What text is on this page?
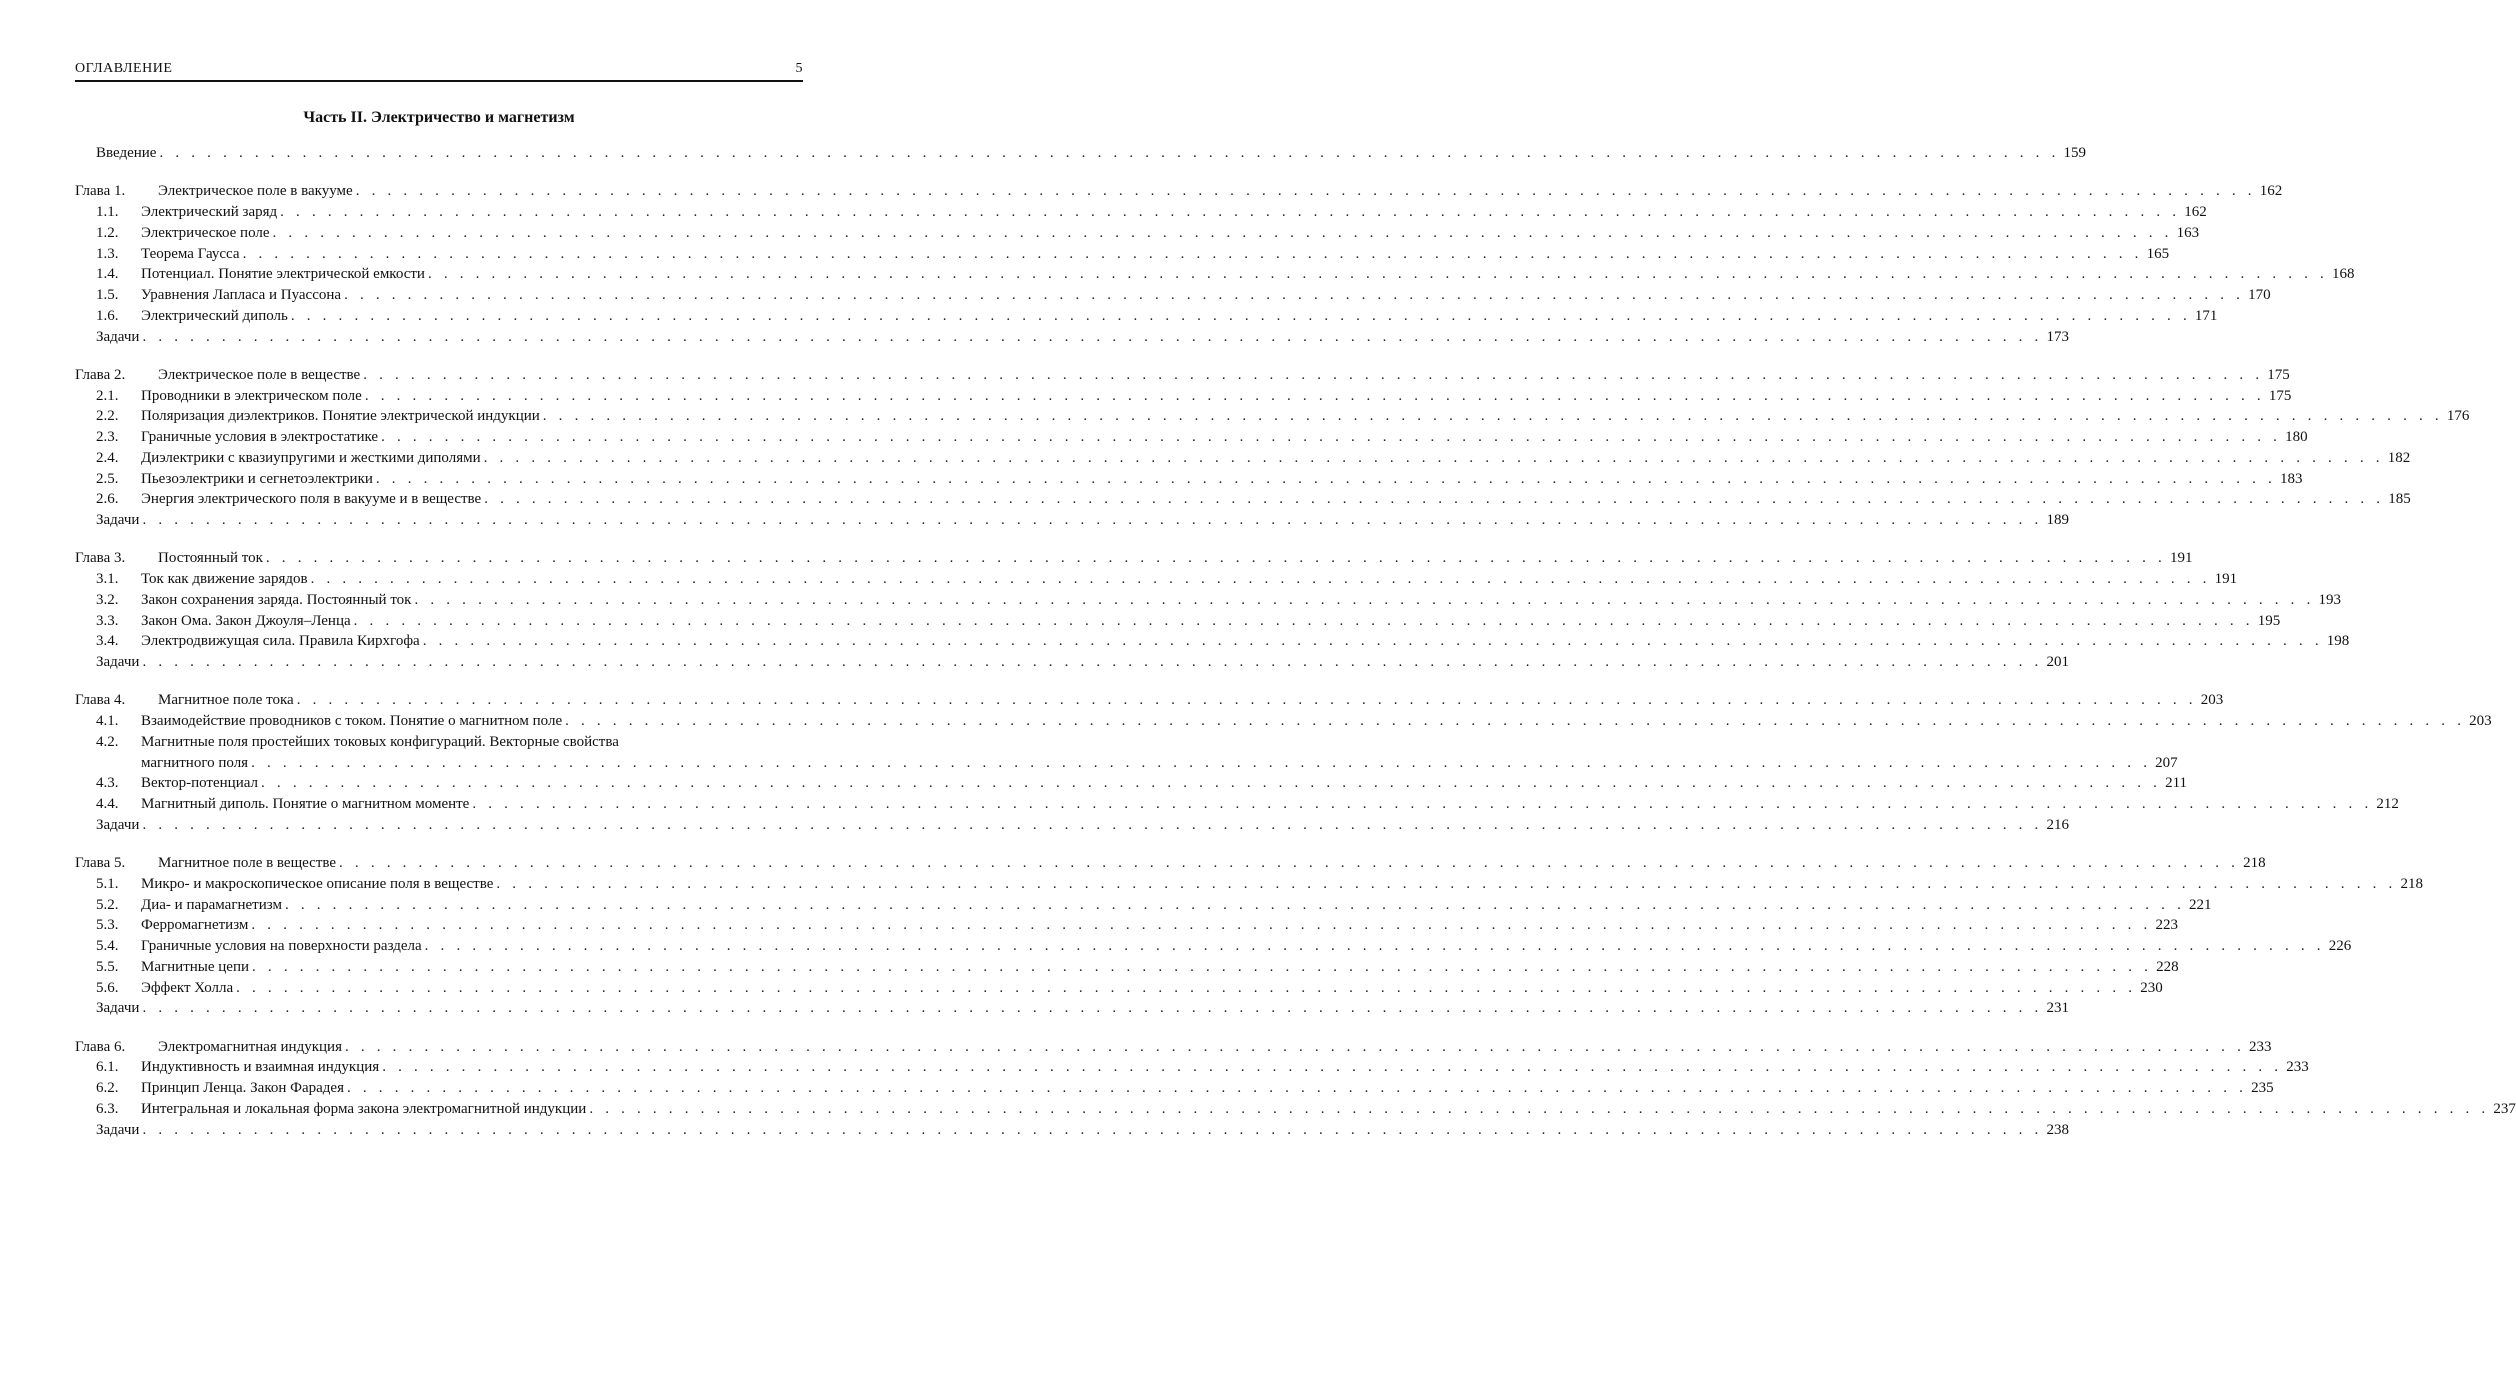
ОГЛАВЛЕНИЕ	5
Часть II. Электричество и магнетизм
Введение . . . . . . . . . . . . . . . . . . . . . . . . . . . . . . . . . . . . . . . . . . . . . . . . . . . . . . . . . . . . . . . . . . . . . . . . . . . . . . . . . . . . . . . . . . . . . . . . . . . . . . . . . . . . . . . . . . . . . . . . 159
Глава 1. Электрическое поле в вакууме . . . . . . . . . . . . . . . . . . . . . . . . . . . . . . . . . . . . . . . . . . . . . . . . . . . . . . . . . . . . . . . . . . . . . . . . . . . . . . . . . . . . . . . . . . . . . . . . . . . . . . . . . . . . . . . . . . . . . . . . 162
1.1. Электрический заряд . . . . . . . . . . . . . . . . . . . . . . . . . . . . . . . . . . . . . . . . . . . . . . . . . . . . . . . . . . . . . . . . . . . . . . . . . . . . . . . . . . . . . . . . . . . . . . . . . . . . . . . . . . . . . . . . . . . . . . . . 162
1.2. Электрическое поле . . . . . . . . . . . . . . . . . . . . . . . . . . . . . . . . . . . . . . . . . . . . . . . . . . . . . . . . . . . . . . . . . . . . . . . . . . . . . . . . . . . . . . . . . . . . . . . . . . . . . . . . . . . . . . . . . . . . . . . . 163
1.3. Теорема Гаусса . . . . . . . . . . . . . . . . . . . . . . . . . . . . . . . . . . . . . . . . . . . . . . . . . . . . . . . . . . . . . . . . . . . . . . . . . . . . . . . . . . . . . . . . . . . . . . . . . . . . . . . . . . . . . . . . . . . . . . . . 165
1.4. Потенциал. Понятие электрической емкости . . . . . . . . . . . . . . . . . . . . . . . . . . . . . . . . . . . . . . . . . . . . . . . . . . . . . . . . . . . . . . . . . . . . . . . . . . . . . . . . . . . . . . . . . . . . . . . . . . . . . . . . . . . . . . . . . . . . . . . . 168
1.5. Уравнения Лапласа и Пуассона . . . . . . . . . . . . . . . . . . . . . . . . . . . . . . . . . . . . . . . . . . . . . . . . . . . . . . . . . . . . . . . . . . . . . . . . . . . . . . . . . . . . . . . . . . . . . . . . . . . . . . . . . . . . . . . . . . . . . . . . 170
1.6. Электрический диполь . . . . . . . . . . . . . . . . . . . . . . . . . . . . . . . . . . . . . . . . . . . . . . . . . . . . . . . . . . . . . . . . . . . . . . . . . . . . . . . . . . . . . . . . . . . . . . . . . . . . . . . . . . . . . . . . . . . . . . . . 171
Задачи . . . . . . . . . . . . . . . . . . . . . . . . . . . . . . . . . . . . . . . . . . . . . . . . . . . . . . . . . . . . . . . . . . . . . . . . . . . . . . . . . . . . . . . . . . . . . . . . . . . . . . . . . . . . . . . . . . . . . . . . 173
Глава 2. Электрическое поле в веществе . . . . . . . . . . . . . . . . . . . . . . . . . . . . . . . . . . . . . . . . . . . . . . . . . . . . . . . . . . . . . . . . . . . . . . . . . . . . . . . . . . . . . . . . . . . . . . . . . . . . . . . . . . . . . . . . . . . . . . . . 175
2.1. Проводники в электрическом поле . . . . . . . . . . . . . . . . . . . . . . . . . . . . . . . . . . . . . . . . . . . . . . . . . . . . . . . . . . . . . . . . . . . . . . . . . . . . . . . . . . . . . . . . . . . . . . . . . . . . . . . . . . . . . . . . . . . . . . . . 175
2.2. Поляризация диэлектриков. Понятие электрической индукции . . . . . . . . . . . . . . . . . . . . . . . . . . . . . . . . . . . . . . . . . . . . . . . . . . . . . . . . . . . . . . . . . . . . . . . . . . . . . . . . . . . . . . . . . . . . . . . . . . . . . . . . . . . . . . . . . . . . . . . . 176
2.3. Граничные условия в электростатике . . . . . . . . . . . . . . . . . . . . . . . . . . . . . . . . . . . . . . . . . . . . . . . . . . . . . . . . . . . . . . . . . . . . . . . . . . . . . . . . . . . . . . . . . . . . . . . . . . . . . . . . . . . . . . . . . . . . . . . . 180
2.4. Диэлектрики с квазиупругими и жесткими диполями . . . . . . . . . . . . . . . . . . . . . . . . . . . . . . . . . . . . . . . . . . . . . . . . . . . . . . . . . . . . . . . . . . . . . . . . . . . . . . . . . . . . . . . . . . . . . . . . . . . . . . . . . . . . . . . . . . . . . . . . 182
2.5. Пьезоэлектрики и сегнетоэлектрики . . . . . . . . . . . . . . . . . . . . . . . . . . . . . . . . . . . . . . . . . . . . . . . . . . . . . . . . . . . . . . . . . . . . . . . . . . . . . . . . . . . . . . . . . . . . . . . . . . . . . . . . . . . . . . . . . . . . . . . . 183
2.6. Энергия электрического поля в вакууме и в веществе . . . . . . . . . . . . . . . . . . . . . . . . . . . . . . . . . . . . . . . . . . . . . . . . . . . . . . . . . . . . . . . . . . . . . . . . . . . . . . . . . . . . . . . . . . . . . . . . . . . . . . . . . . . . . . . . . . . . . . . . 185
Задачи . . . . . . . . . . . . . . . . . . . . . . . . . . . . . . . . . . . . . . . . . . . . . . . . . . . . . . . . . . . . . . . . . . . . . . . . . . . . . . . . . . . . . . . . . . . . . . . . . . . . . . . . . . . . . . . . . . . . . . . . 189
Глава 3. Постоянный ток . . . . . . . . . . . . . . . . . . . . . . . . . . . . . . . . . . . . . . . . . . . . . . . . . . . . . . . . . . . . . . . . . . . . . . . . . . . . . . . . . . . . . . . . . . . . . . . . . . . . . . . . . . . . . . . . . . . . . . . . 191
3.1. Ток как движение зарядов . . . . . . . . . . . . . . . . . . . . . . . . . . . . . . . . . . . . . . . . . . . . . . . . . . . . . . . . . . . . . . . . . . . . . . . . . . . . . . . . . . . . . . . . . . . . . . . . . . . . . . . . . . . . . . . . . . . . . . . . 191
3.2. Закон сохранения заряда. Постоянный ток . . . . . . . . . . . . . . . . . . . . . . . . . . . . . . . . . . . . . . . . . . . . . . . . . . . . . . . . . . . . . . . . . . . . . . . . . . . . . . . . . . . . . . . . . . . . . . . . . . . . . . . . . . . . . . . . . . . . . . . . 193
3.3. Закон Ома. Закон Джоуля–Ленца . . . . . . . . . . . . . . . . . . . . . . . . . . . . . . . . . . . . . . . . . . . . . . . . . . . . . . . . . . . . . . . . . . . . . . . . . . . . . . . . . . . . . . . . . . . . . . . . . . . . . . . . . . . . . . . . . . . . . . . . 195
3.4. Электродвижущая сила. Правила Кирхгофа . . . . . . . . . . . . . . . . . . . . . . . . . . . . . . . . . . . . . . . . . . . . . . . . . . . . . . . . . . . . . . . . . . . . . . . . . . . . . . . . . . . . . . . . . . . . . . . . . . . . . . . . . . . . . . . . . . . . . . . . 198
Задачи . . . . . . . . . . . . . . . . . . . . . . . . . . . . . . . . . . . . . . . . . . . . . . . . . . . . . . . . . . . . . . . . . . . . . . . . . . . . . . . . . . . . . . . . . . . . . . . . . . . . . . . . . . . . . . . . . . . . . . . . 201
Глава 4. Магнитное поле тока . . . . . . . . . . . . . . . . . . . . . . . . . . . . . . . . . . . . . . . . . . . . . . . . . . . . . . . . . . . . . . . . . . . . . . . . . . . . . . . . . . . . . . . . . . . . . . . . . . . . . . . . . . . . . . . . . . . . . . . . 203
4.1. Взаимодействие проводников с током. Понятие о магнитном поле . . . . . . . . . . . . . . . . . . . . . . . . . . . . . . . . . . . . . . . . . . . . . . . . . . . . . . . . . . . . . . . . . . . . . . . . . . . . . . . . . . . . . . . . . . . . . . . . . . . . . . . . . . . . . . . . . . . . . . . . 203
4.2. Магнитные поля простейших токовых конфигураций. Векторные свойства
магнитного поля . . . . . . . . . . . . . . . . . . . . . . . . . . . . . . . . . . . . . . . . . . . . . . . . . . . . . . . . . . . . . . . . . . . . . . . . . . . . . . . . . . . . . . . . . . . . . . . . . . . . . . . . . . . . . . . . . . . . . . . . 207
4.3. Вектор-потенциал . . . . . . . . . . . . . . . . . . . . . . . . . . . . . . . . . . . . . . . . . . . . . . . . . . . . . . . . . . . . . . . . . . . . . . . . . . . . . . . . . . . . . . . . . . . . . . . . . . . . . . . . . . . . . . . . . . . . . . . . 211
4.4. Магнитный диполь. Понятие о магнитном моменте . . . . . . . . . . . . . . . . . . . . . . . . . . . . . . . . . . . . . . . . . . . . . . . . . . . . . . . . . . . . . . . . . . . . . . . . . . . . . . . . . . . . . . . . . . . . . . . . . . . . . . . . . . . . . . . . . . . . . . . . 212
Задачи . . . . . . . . . . . . . . . . . . . . . . . . . . . . . . . . . . . . . . . . . . . . . . . . . . . . . . . . . . . . . . . . . . . . . . . . . . . . . . . . . . . . . . . . . . . . . . . . . . . . . . . . . . . . . . . . . . . . . . . . 216
Глава 5. Магнитное поле в веществе . . . . . . . . . . . . . . . . . . . . . . . . . . . . . . . . . . . . . . . . . . . . . . . . . . . . . . . . . . . . . . . . . . . . . . . . . . . . . . . . . . . . . . . . . . . . . . . . . . . . . . . . . . . . . . . . . . . . . . . . 218
5.1. Микро- и макроскопическое описание поля в веществе . . . . . . . . . . . . . . . . . . . . . . . . . . . . . . . . . . . . . . . . . . . . . . . . . . . . . . . . . . . . . . . . . . . . . . . . . . . . . . . . . . . . . . . . . . . . . . . . . . . . . . . . . . . . . . . . . . . . . . . . 218
5.2. Диа- и парамагнетизм . . . . . . . . . . . . . . . . . . . . . . . . . . . . . . . . . . . . . . . . . . . . . . . . . . . . . . . . . . . . . . . . . . . . . . . . . . . . . . . . . . . . . . . . . . . . . . . . . . . . . . . . . . . . . . . . . . . . . . . . 221
5.3. Ферромагнетизм . . . . . . . . . . . . . . . . . . . . . . . . . . . . . . . . . . . . . . . . . . . . . . . . . . . . . . . . . . . . . . . . . . . . . . . . . . . . . . . . . . . . . . . . . . . . . . . . . . . . . . . . . . . . . . . . . . . . . . . . 223
5.4. Граничные условия на поверхности раздела . . . . . . . . . . . . . . . . . . . . . . . . . . . . . . . . . . . . . . . . . . . . . . . . . . . . . . . . . . . . . . . . . . . . . . . . . . . . . . . . . . . . . . . . . . . . . . . . . . . . . . . . . . . . . . . . . . . . . . . . 226
5.5. Магнитные цепи . . . . . . . . . . . . . . . . . . . . . . . . . . . . . . . . . . . . . . . . . . . . . . . . . . . . . . . . . . . . . . . . . . . . . . . . . . . . . . . . . . . . . . . . . . . . . . . . . . . . . . . . . . . . . . . . . . . . . . . . 228
5.6. Эффект Холла . . . . . . . . . . . . . . . . . . . . . . . . . . . . . . . . . . . . . . . . . . . . . . . . . . . . . . . . . . . . . . . . . . . . . . . . . . . . . . . . . . . . . . . . . . . . . . . . . . . . . . . . . . . . . . . . . . . . . . . . 230
Задачи . . . . . . . . . . . . . . . . . . . . . . . . . . . . . . . . . . . . . . . . . . . . . . . . . . . . . . . . . . . . . . . . . . . . . . . . . . . . . . . . . . . . . . . . . . . . . . . . . . . . . . . . . . . . . . . . . . . . . . . . 231
Глава 6. Электромагнитная индукция . . . . . . . . . . . . . . . . . . . . . . . . . . . . . . . . . . . . . . . . . . . . . . . . . . . . . . . . . . . . . . . . . . . . . . . . . . . . . . . . . . . . . . . . . . . . . . . . . . . . . . . . . . . . . . . . . . . . . . . . 233
6.1. Индуктивность и взаимная индукция . . . . . . . . . . . . . . . . . . . . . . . . . . . . . . . . . . . . . . . . . . . . . . . . . . . . . . . . . . . . . . . . . . . . . . . . . . . . . . . . . . . . . . . . . . . . . . . . . . . . . . . . . . . . . . . . . . . . . . . . 233
6.2. Принцип Ленца. Закон Фарадея . . . . . . . . . . . . . . . . . . . . . . . . . . . . . . . . . . . . . . . . . . . . . . . . . . . . . . . . . . . . . . . . . . . . . . . . . . . . . . . . . . . . . . . . . . . . . . . . . . . . . . . . . . . . . . . . . . . . . . . . 235
6.3. Интегральная и локальная форма закона электромагнитной индукции . . . . . . . . . . . . . . . . . . . . . . . . . . . . . . . . . . . . . . . . . . . . . . . . . . . . . . . . . . . . . . . . . . . . . . . . . . . . . . . . . . . . . . . . . . . . . . . . . . . . . . . . . . . . . . . . . . . . . . . . 237
Задачи . . . . . . . . . . . . . . . . . . . . . . . . . . . . . . . . . . . . . . . . . . . . . . . . . . . . . . . . . . . . . . . . . . . . . . . . . . . . . . . . . . . . . . . . . . . . . . . . . . . . . . . . . . . . . . . . . . . . . . . . 238
